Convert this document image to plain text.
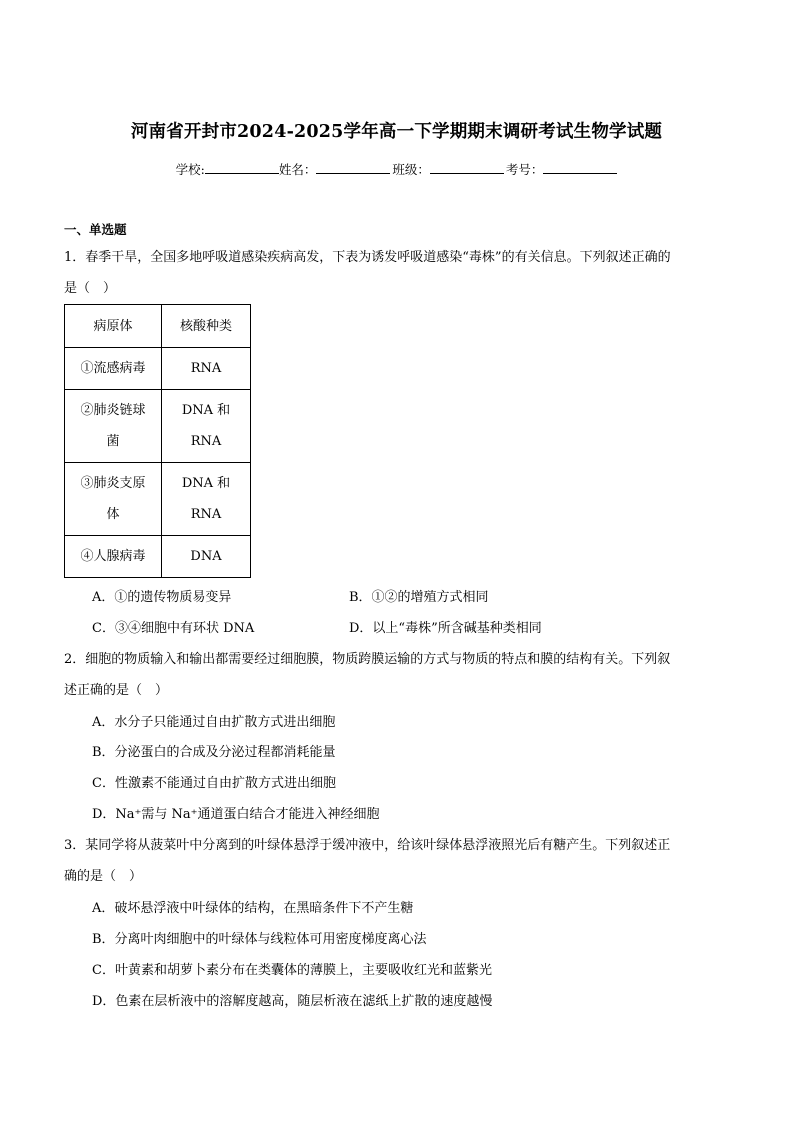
河南省开封市2024-2025学年高一下学期期末调研考试生物学试题
学校:	姓名：	班级：	考号：
一、单选题
1．春季干旱，全国多地呼吸道感染疾病高发，下表为诱发呼吸道感染“毒株”的有关信息。下列叙述正确的
是（　）
病原体	核酸种类
①流感病毒	RNA
②肺炎链球
菌	DNA 和
RNA
③肺炎支原
体	DNA 和
RNA
④人腺病毒	DNA
A．①的遗传物质易变异	B．①②的增殖方式相同
C．③④细胞中有环状 DNA	D．以上“毒株”所含碱基种类相同
2．细胞的物质输入和输出都需要经过细胞膜，物质跨膜运输的方式与物质的特点和膜的结构有关。下列叙
述正确的是（　）
A．水分子只能通过自由扩散方式进出细胞
B．分泌蛋白的合成及分泌过程都消耗能量
C．性激素不能通过自由扩散方式进出细胞
D．Na⁺需与 Na⁺通道蛋白结合才能进入神经细胞
3．某同学将从菠菜叶中分离到的叶绿体悬浮于缓冲液中，给该叶绿体悬浮液照光后有糖产生。下列叙述正
确的是（　）
A．破坏悬浮液中叶绿体的结构，在黑暗条件下不产生糖
B．分离叶肉细胞中的叶绿体与线粒体可用密度梯度离心法
C．叶黄素和胡萝卜素分布在类囊体的薄膜上，主要吸收红光和蓝紫光
D．色素在层析液中的溶解度越高，随层析液在滤纸上扩散的速度越慢
